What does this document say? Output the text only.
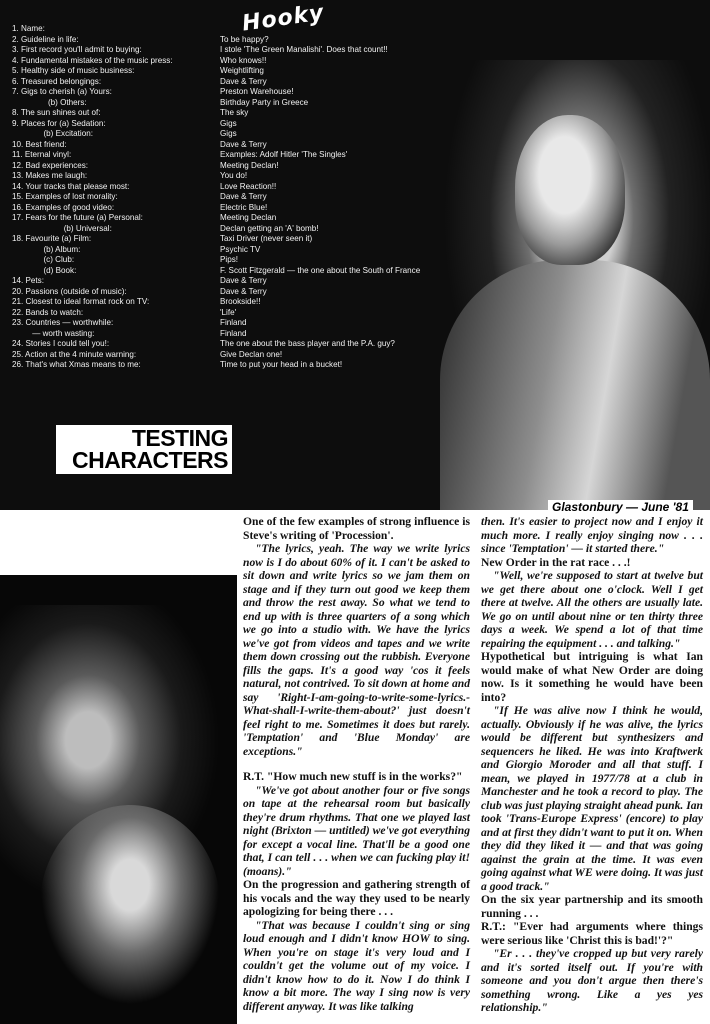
Hooky
1. Name:
2. Guideline in life:
3. First record you'll admit to buying:
4. Fundamental mistakes of the music press:
5. Healthy side of music business:
6. Treasured belongings:
7. Gigs to cherish (a) Yours:
(b) Others:
8. The sun shines out of:
9. Places for (a) Sedation:
(b) Excitation:
10. Best friend:
11. Eternal vinyl:
12. Bad experiences:
13. Makes me laugh:
14. Your tracks that please most:
15. Examples of lost morality:
16. Examples of good video:
17. Fears for the future (a) Personal:
(b) Universal:
18. Favourite (a) Film:
(b) Album:
(c) Club:
(d) Book:
14. Pets:
20. Passions (outside of music):
21. Closest to ideal format rock on TV:
22. Bands to watch:
23. Countries — worthwhile:
— worth wasting:
24. Stories I could tell you!:
25. Action at the 4 minute warning:
26. That's what Xmas means to me:
To be happy?
I stole 'The Green Manalishi'. Does that count!!
Who knows!!
Weightlifting
Dave & Terry
Preston Warehouse!
Birthday Party in Greece
The sky
Gigs
Gigs
Dave & Terry
Examples: Adolf Hitler 'The Singles'
Meeting Declan!
You do!
Love Reaction!!
Dave & Terry
Electric Blue!
Meeting Declan
Declan getting an 'A' bomb!
Taxi Driver (never seen it)
Psychic TV
Pips!
F. Scott Fitzgerald — the one about the South of France
Dave & Terry
Dave & Terry
Brookside!!
'Life'
Finland
Finland
The one about the bass player and the P.A. guy?
Give Declan one!
Time to put your head in a bucket!
TESTING
CHARACTERS
Glastonbury — June '81

One of the few examples of strong influence is Steve's writing of 'Procession'.

"The lyrics, yeah. The way we write lyrics now is I do about 60% of it. I can't be asked to sit down and write lyrics so we jam them on stage and if they turn out good we keep them and throw the rest away. So what we tend to end up with is three quarters of a song which we go into a studio with. We have the lyrics we've got from videos and tapes and we write them down crossing out the rubbish. Everyone fills the gaps. It's a good way 'cos it feels natural, not contrived. To sit down at home and say 'Right-I-am-going-to-write-some-lyrics.-What-shall-I-write-them-about?' just doesn't feel right to me. Sometimes it does but rarely. 'Temptation' and 'Blue Monday' are exceptions."

R.T. "How much new stuff is in the works?"

"We've got about another four or five songs on tape at the rehearsal room but basically they're drum rhythms. That one we played last night (Brixton — untitled) we've got everything for except a vocal line. That'll be a good one that, I can tell . . . when we can fucking play it! (moans)."

On the progression and gathering strength of his vocals and the way they used to be nearly apologizing for being there . . .

"That was because I couldn't sing or sing loud enough and I didn't know HOW to sing. When you're on stage it's very loud and I couldn't get the volume out of my voice. I didn't know how to do it. Now I do think I know a bit more. The way I sing now is very different anyway. It was like talking

then. It's easier to project now and I enjoy it much more. I really enjoy singing now . . . since 'Temptation' — it started there."

New Order in the rat race . . .!

"Well, we're supposed to start at twelve but we get there about one o'clock. Well I get there at twelve. All the others are usually late. We go on until about nine or ten thirty three days a week. We spend a lot of that time repairing the equipment . . . and talking."

Hypothetical but intriguing is what Ian would make of what New Order are doing now. Is it something he would have been into?

"If He was alive now I think he would, actually. Obviously if he was alive, the lyrics would be different but synthesizers and sequencers he liked. He was into Kraftwerk and Giorgio Moroder and all that stuff. I mean, we played in 1977/78 at a club in Manchester and he took a record to play. The club was just playing straight ahead punk. Ian took 'Trans-Europe Express' (encore) to play and at first they didn't want to put it on. When they did they liked it — and that was going against the grain at the time. It was even going against what WE were doing. It was just a good track."

On the six year partnership and its smooth running . . .

R.T.: "Ever had arguments where things were serious like 'Christ this is bad!'?"

"Er . . . they've cropped up but very rarely and it's sorted itself out. If you're with someone and you don't argue then there's something wrong. Like a yes yes relationship."
